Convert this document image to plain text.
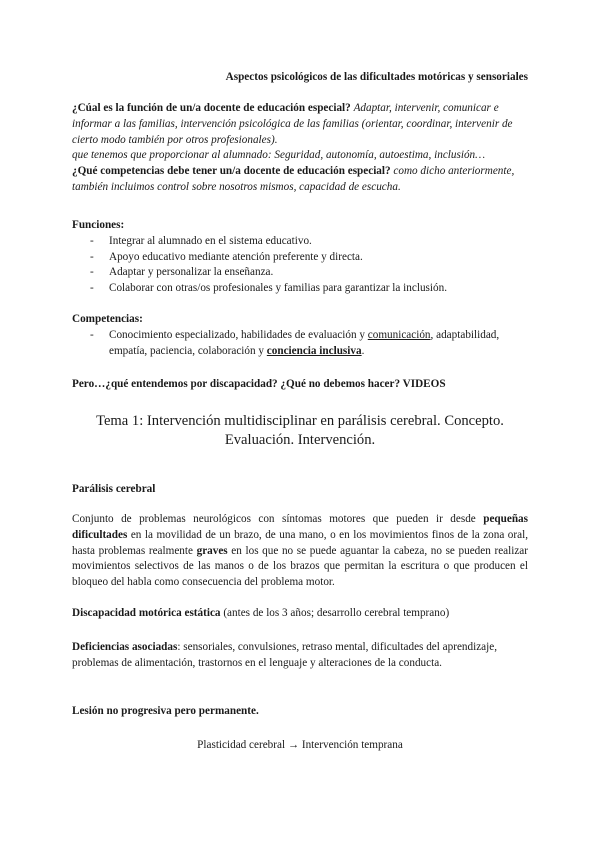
Aspectos psicológicos de las dificultades motóricas y sensoriales
¿Cúal es la función de un/a docente de educación especial? Adaptar, intervenir, comunicar e informar a las familias, intervención psicológica de las familias (orientar, coordinar, intervenir de cierto modo también por otros profesionales).
que tenemos que proporcionar al alumnado: Seguridad, autonomía, autoestima, inclusión…
¿Qué competencias debe tener un/a docente de educación especial? como dicho anteriormente, también incluimos control sobre nosotros mismos, capacidad de escucha.
Funciones:
- Integrar al alumnado en el sistema educativo.
- Apoyo educativo mediante atención preferente y directa.
- Adaptar y personalizar la enseñanza.
- Colaborar con otras/os profesionales y familias para garantizar la inclusión.
Competencias:
- Conocimiento especializado, habilidades de evaluación y comunicación, adaptabilidad, empatía, paciencia, colaboración y conciencia inclusiva.
Pero…¿qué entendemos por discapacidad? ¿Qué no debemos hacer? VIDEOS
Tema 1: Intervención multidisciplinar en parálisis cerebral. Concepto.
Evaluación. Intervención.
Parálisis cerebral
Conjunto de problemas neurológicos con síntomas motores que pueden ir desde pequeñas dificultades en la movilidad de un brazo, de una mano, o en los movimientos finos de la zona oral, hasta problemas realmente graves en los que no se puede aguantar la cabeza, no se pueden realizar movimientos selectivos de las manos o de los brazos que permitan la escritura o que producen el bloqueo del habla como consecuencia del problema motor.
Discapacidad motórica estática (antes de los 3 años; desarrollo cerebral temprano)
Deficiencias asociadas: sensoriales, convulsiones, retraso mental, dificultades del aprendizaje, problemas de alimentación, trastornos en el lenguaje y alteraciones de la conducta.
Lesión no progresiva pero permanente.
Plasticidad cerebral → Intervención temprana
